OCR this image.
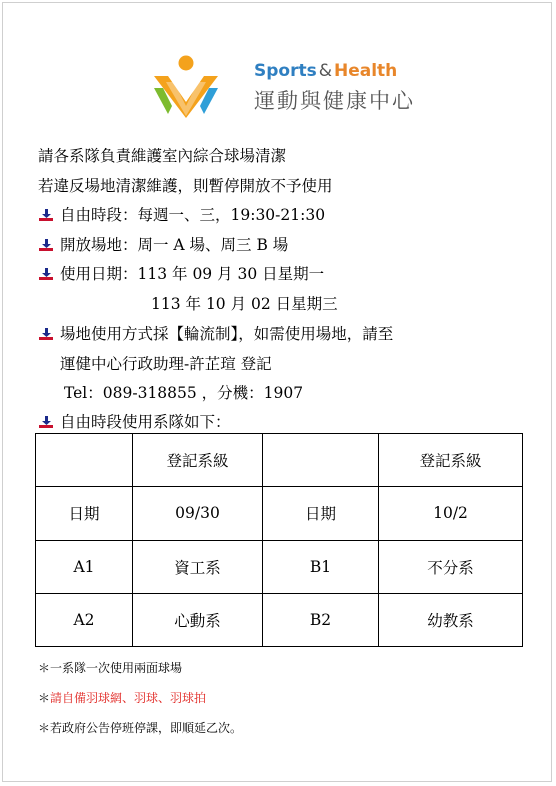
Sports & Health
運動與健康中心
請各系隊負責維護室內綜合球場清潔
若違反場地清潔維護，則暫停開放不予使用
自由時段：每週一、三，19:30-21:30
開放場地：周一 A 場、周三 B 場
使用日期：113 年 09 月 30 日星期一
113 年 10 月 02 日星期三
場地使用方式採【輪流制】，如需使用場地，請至
運健中心行政助理-許芷瑄 登記
Tel：089-318855 ，分機：1907
自由時段使用系隊如下：
	登記系級		登記系級
日期	09/30	日期	10/2
A1	資工系	B1	不分系
A2	心動系	B2	幼教系
＊一系隊一次使用兩面球場
＊請自備羽球網、羽球、羽球拍
＊若政府公告停班停課，即順延乙次。
